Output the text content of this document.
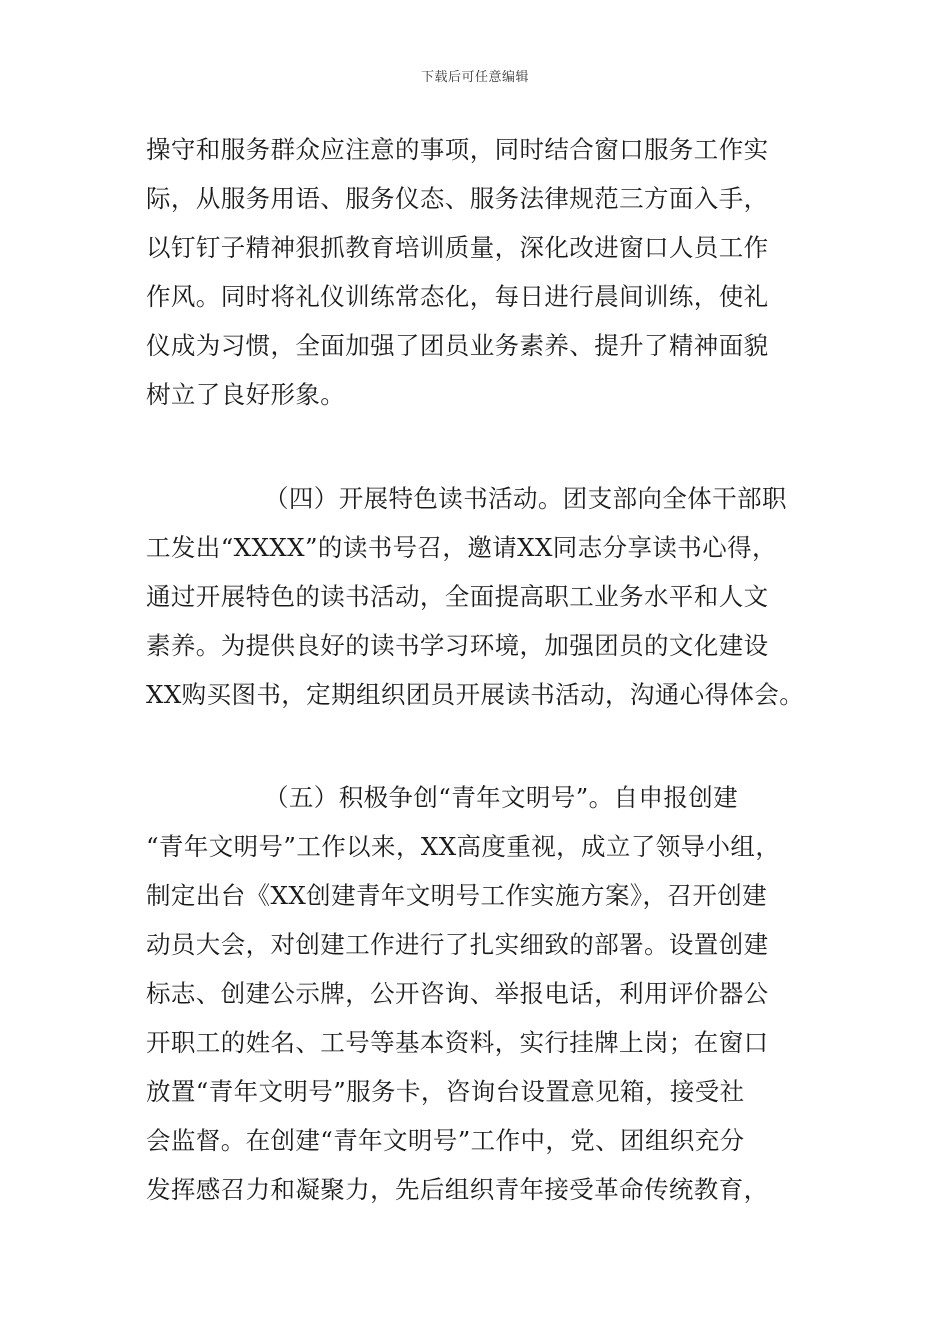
下载后可任意编辑
操守和服务群众应注意的事项，同时结合窗口服务工作实
际，从服务用语、服务仪态、服务法律规范三方面入手，
以钉钉子精神狠抓教育培训质量，深化改进窗口人员工作
作风。同时将礼仪训练常态化，每日进行晨间训练，使礼
仪成为习惯，全面加强了团员业务素养、提升了精神面貌
树立了良好形象。
（四）开展特色读书活动。团支部向全体干部职
工发出“XXXX”的读书号召，邀请XX同志分享读书心得，
通过开展特色的读书活动，全面提高职工业务水平和人文
素养。为提供良好的读书学习环境，加强团员的文化建设
XX购买图书，定期组织团员开展读书活动，沟通心得体会。
（五）积极争创“青年文明号”。自申报创建
“青年文明号”工作以来，XX高度重视，成立了领导小组，
制定出台《XX创建青年文明号工作实施方案》，召开创建
动员大会，对创建工作进行了扎实细致的部署。设置创建
标志、创建公示牌，公开咨询、举报电话，利用评价器公
开职工的姓名、工号等基本资料，实行挂牌上岗；在窗口
放置“青年文明号”服务卡，咨询台设置意见箱，接受社
会监督。在创建“青年文明号”工作中，党、团组织充分
发挥感召力和凝聚力，先后组织青年接受革命传统教育，
